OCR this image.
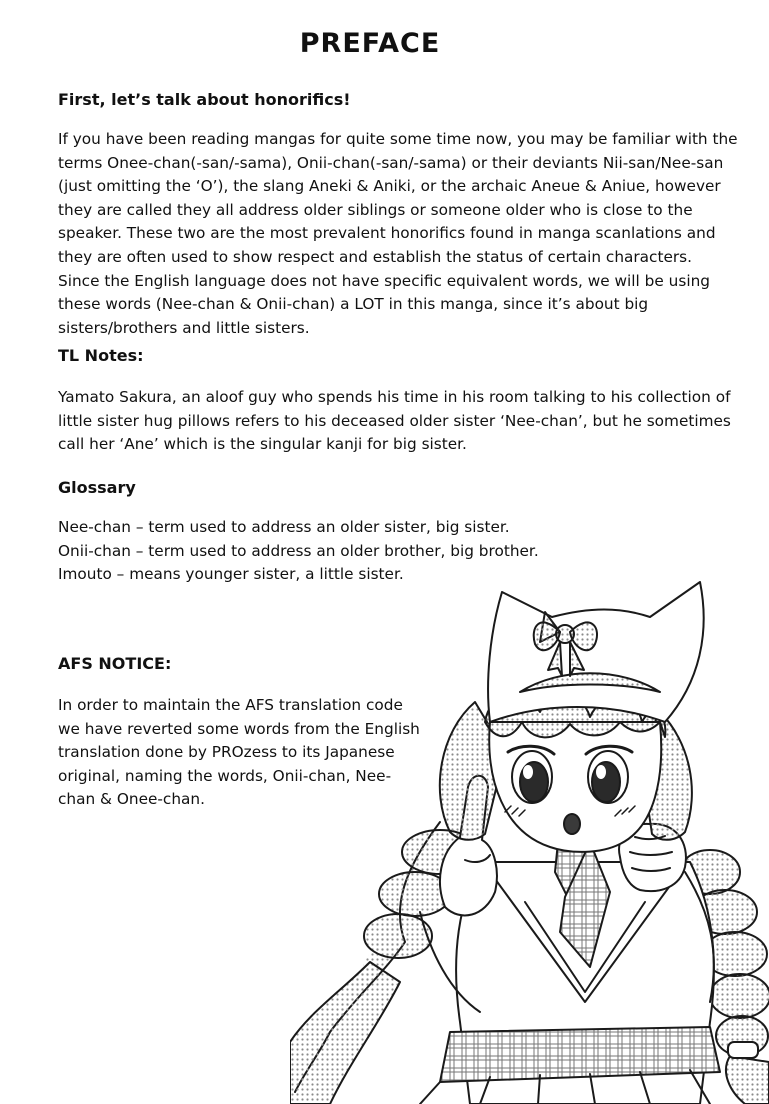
PREFACE
First, let’s talk about honorifics!

If you have been reading mangas for quite some time now, you may be familiar with the terms Onee-chan(-san/-sama), Onii-chan(-san/-sama) or their deviants Nii-san/Nee-san (just omitting the ‘O’), the slang Aneki & Aniki, or the archaic Aneue & Aniue, however they are called they all address older siblings or someone older who is close to the speaker. These two are the most prevalent honorifics found in manga scanlations and they are often used to show respect and establish the status of certain characters. Since the English language does not have specific equivalent words, we will be using these words (Nee-chan & Onii-chan) a LOT in this manga, since it’s about big sisters/brothers and little sisters.

TL Notes:

Yamato Sakura, an aloof guy who spends his time in his room talking to his collection of little sister hug pillows refers to his deceased older sister ‘Nee-chan’, but he sometimes call her ‘Ane’ which is the singular kanji for big sister.

Glossary
Nee-chan – term used to address an older sister, big sister.
Onii-chan – term used to address an older brother, big brother.
Imouto – means younger sister, a little sister.
AFS NOTICE:

In order to maintain the AFS translation code we have reverted some words from the English translation done by PROzess to its Japanese original, naming the words, Onii-chan, Nee-chan & Onee-chan.
